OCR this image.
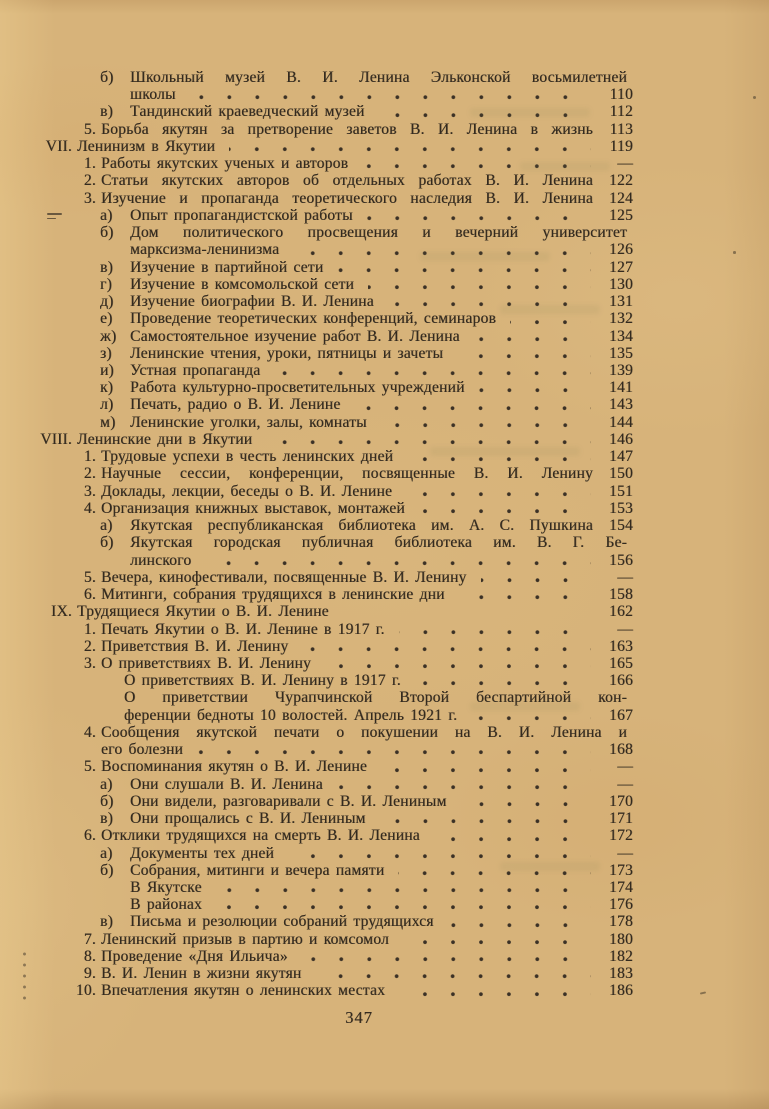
б)	Школьный музей В. И. Ленина Эльконской восьмилетней
школы	110
в)	Тандинский краеведческий музей	112
5. Борьба якутян за претворение заветов В. И. Ленина в жизнь	113
VII. Ленинизм в Якутии	119
1. Работы якутских ученых и авторов	—
2. Статьи якутских авторов об отдельных работах В. И. Ленина	122
3. Изучение и пропаганда теоретического наследия В. И. Ленина	124
а)	Опыт пропагандистской работы	125
б)	Дом политического просвещения и вечерний университет
марксизма-ленинизма	126
в)	Изучение в партийной сети	127
г)	Изучение в комсомольской сети	130
д)	Изучение биографии В. И. Ленина	131
е)	Проведение теоретических конференций, семинаров	132
ж) Самостоятельное изучение работ В. И. Ленина	134
з)	Ленинские чтения, уроки, пятницы и зачеты	135
и)	Устная пропаганда	139
к)	Работа культурно-просветительных учреждений	141
л)	Печать, радио о В. И. Ленине	143
м) Ленинские уголки, залы, комнаты	144
VIII. Ленинские дни в Якутии	146
1. Трудовые успехи в честь ленинских дней	147
2. Научные сессии, конференции, посвященные В. И. Ленину	150
3. Доклады, лекции, беседы о В. И. Ленине	151
4. Организация книжных выставок, монтажей	153
а)	Якутская республиканская библиотека им. А. С. Пушкина	154
б)	Якутская городская публичная библиотека им. В. Г. Бе-
линского	156
5. Вечера, кинофестивали, посвященные В. И. Ленину	—
6. Митинги, собрания трудящихся в ленинские дни	158
IX. Трудящиеся Якутии о В. И. Ленине	162
1. Печать Якутии о В. И. Ленине в 1917 г.	—
2. Приветствия В. И. Ленину	163
3. О приветствиях В. И. Ленину	165
О приветствиях В. И. Ленину в 1917 г.	166
О приветствии Чурапчинской Второй беспартийной кон-
ференции бедноты 10 волостей. Апрель 1921 г.	167
4. Сообщения якутской печати о покушении на В. И. Ленина и
его болезни	168
5. Воспоминания якутян о В. И. Ленине	—
а)	Они слушали В. И. Ленина	—
б)	Они видели, разговаривали с В. И. Лениным	170
в)	Они прощались с В. И. Лениным	171
6. Отклики трудящихся на смерть В. И. Ленина	172
а)	Документы тех дней	—
б)	Собрания, митинги и вечера памяти	173
В Якутске	174
В районах	176
в)	Письма и резолюции собраний трудящихся	178
7. Ленинский призыв в партию и комсомол	180
8. Проведение «Дня Ильича»	182
9. В. И. Ленин в жизни якутян	183
10. Впечатления якутян о ленинских местах	186
347
